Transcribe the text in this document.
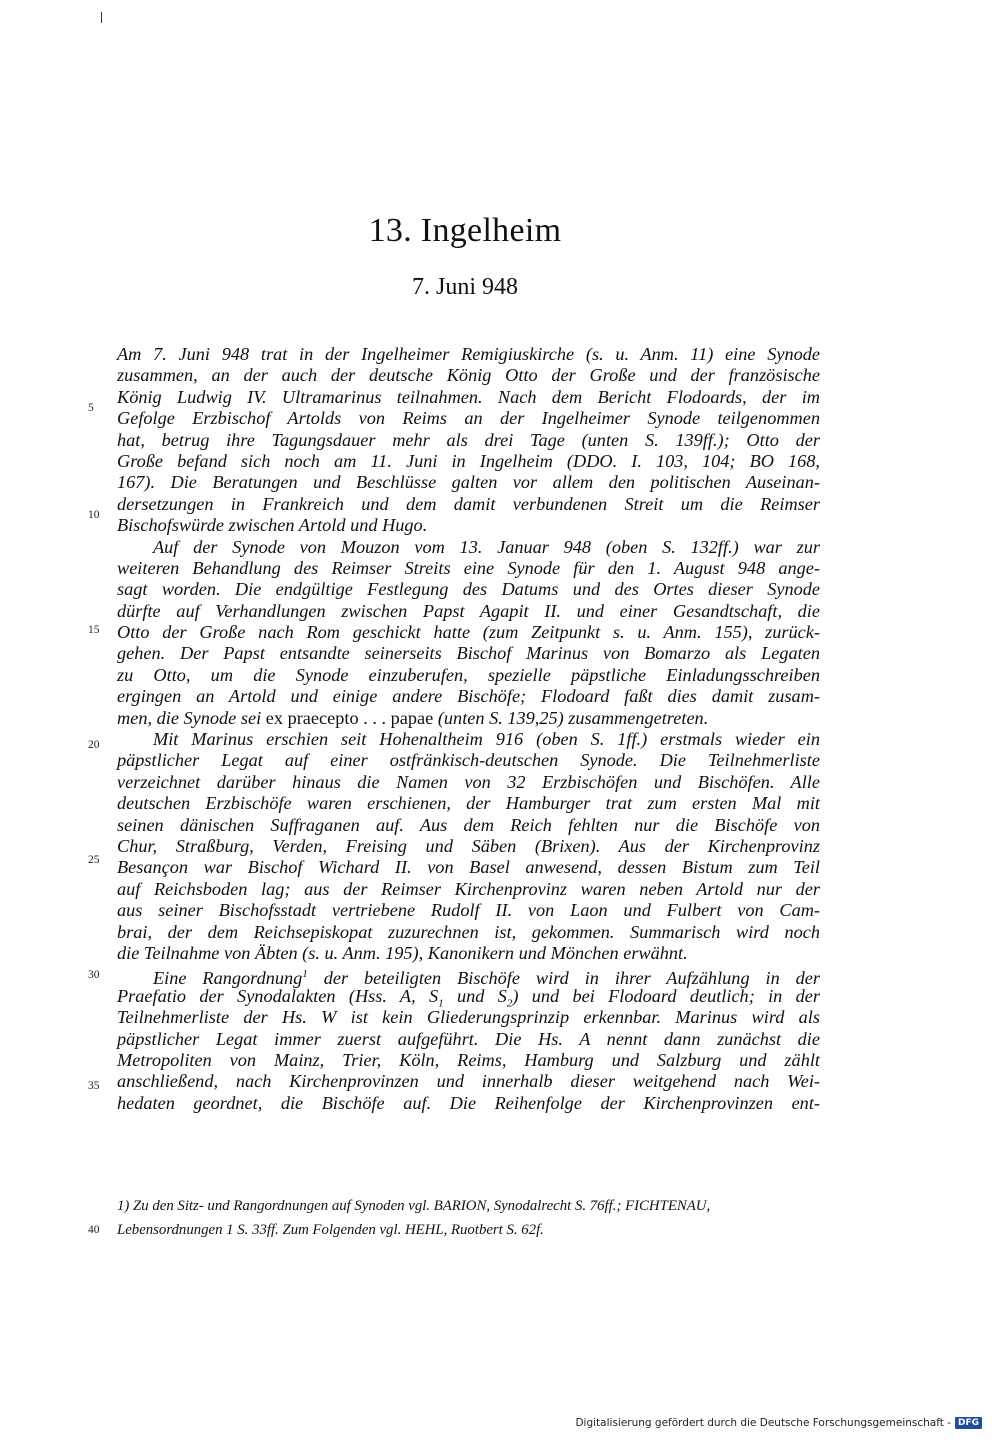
13. Ingelheim
7. Juni 948
5
10
15
20
25
30
35
40
Am 7. Juni 948 trat in der Ingelheimer Remigiuskirche (s. u. Anm. 11) eine Synode
zusammen, an der auch der deutsche König Otto der Große und der französische
König Ludwig IV. Ultramarinus teilnahmen. Nach dem Bericht Flodoards, der im
Gefolge Erzbischof Artolds von Reims an der Ingelheimer Synode teilgenommen
hat, betrug ihre Tagungsdauer mehr als drei Tage (unten S. 139ff.); Otto der
Große befand sich noch am 11. Juni in Ingelheim (DDO. I. 103, 104; BO 168,
167). Die Beratungen und Beschlüsse galten vor allem den politischen Auseinan-
dersetzungen in Frankreich und dem damit verbundenen Streit um die Reimser
Bischofswürde zwischen Artold und Hugo.
Auf der Synode von Mouzon vom 13. Januar 948 (oben S. 132ff.) war zur
weiteren Behandlung des Reimser Streits eine Synode für den 1. August 948 ange-
sagt worden. Die endgültige Festlegung des Datums und des Ortes dieser Synode
dürfte auf Verhandlungen zwischen Papst Agapit II. und einer Gesandtschaft, die
Otto der Große nach Rom geschickt hatte (zum Zeitpunkt s. u. Anm. 155), zurück-
gehen. Der Papst entsandte seinerseits Bischof Marinus von Bomarzo als Legaten
zu Otto, um die Synode einzuberufen, spezielle päpstliche Einladungsschreiben
ergingen an Artold und einige andere Bischöfe; Flodoard faßt dies damit zusam-
men, die Synode sei ex praecepto . . . papae (unten S. 139,25) zusammengetreten.
Mit Marinus erschien seit Hohenaltheim 916 (oben S. 1ff.) erstmals wieder ein
päpstlicher Legat auf einer ostfränkisch-deutschen Synode. Die Teilnehmerliste
verzeichnet darüber hinaus die Namen von 32 Erzbischöfen und Bischöfen. Alle
deutschen Erzbischöfe waren erschienen, der Hamburger trat zum ersten Mal mit
seinen dänischen Suffraganen auf. Aus dem Reich fehlten nur die Bischöfe von
Chur, Straßburg, Verden, Freising und Säben (Brixen). Aus der Kirchenprovinz
Besançon war Bischof Wichard II. von Basel anwesend, dessen Bistum zum Teil
auf Reichsboden lag; aus der Reimser Kirchenprovinz waren neben Artold nur der
aus seiner Bischofsstadt vertriebene Rudolf II. von Laon und Fulbert von Cam-
brai, der dem Reichsepiskopat zuzurechnen ist, gekommen. Summarisch wird noch
die Teilnahme von Äbten (s. u. Anm. 195), Kanonikern und Mönchen erwähnt.
Eine Rangordnung$^1$ der beteiligten Bischöfe wird in ihrer Aufzählung in der
Praefatio der Synodalakten (Hss. A, $S_1$ und $S_2$) und bei Flodoard deutlich; in der
Teilnehmerliste der Hs. W ist kein Gliederungsprinzip erkennbar. Marinus wird als
päpstlicher Legat immer zuerst aufgeführt. Die Hs. A nennt dann zunächst die
Metropoliten von Mainz, Trier, Köln, Reims, Hamburg und Salzburg und zählt
anschließend, nach Kirchenprovinzen und innerhalb dieser weitgehend nach Wei-
hedaten geordnet, die Bischöfe auf. Die Reihenfolge der Kirchenprovinzen ent-
1) Zu den Sitz- und Rangordnungen auf Synoden vgl. BARION, Synodalrecht S. 76ff.; FICHTENAU,
Lebensordnungen 1 S. 33ff. Zum Folgenden vgl. HEHL, Ruotbert S. 62f.
Digitalisierung gefördert durch die Deutsche Forschungsgemeinschaft - DFG
